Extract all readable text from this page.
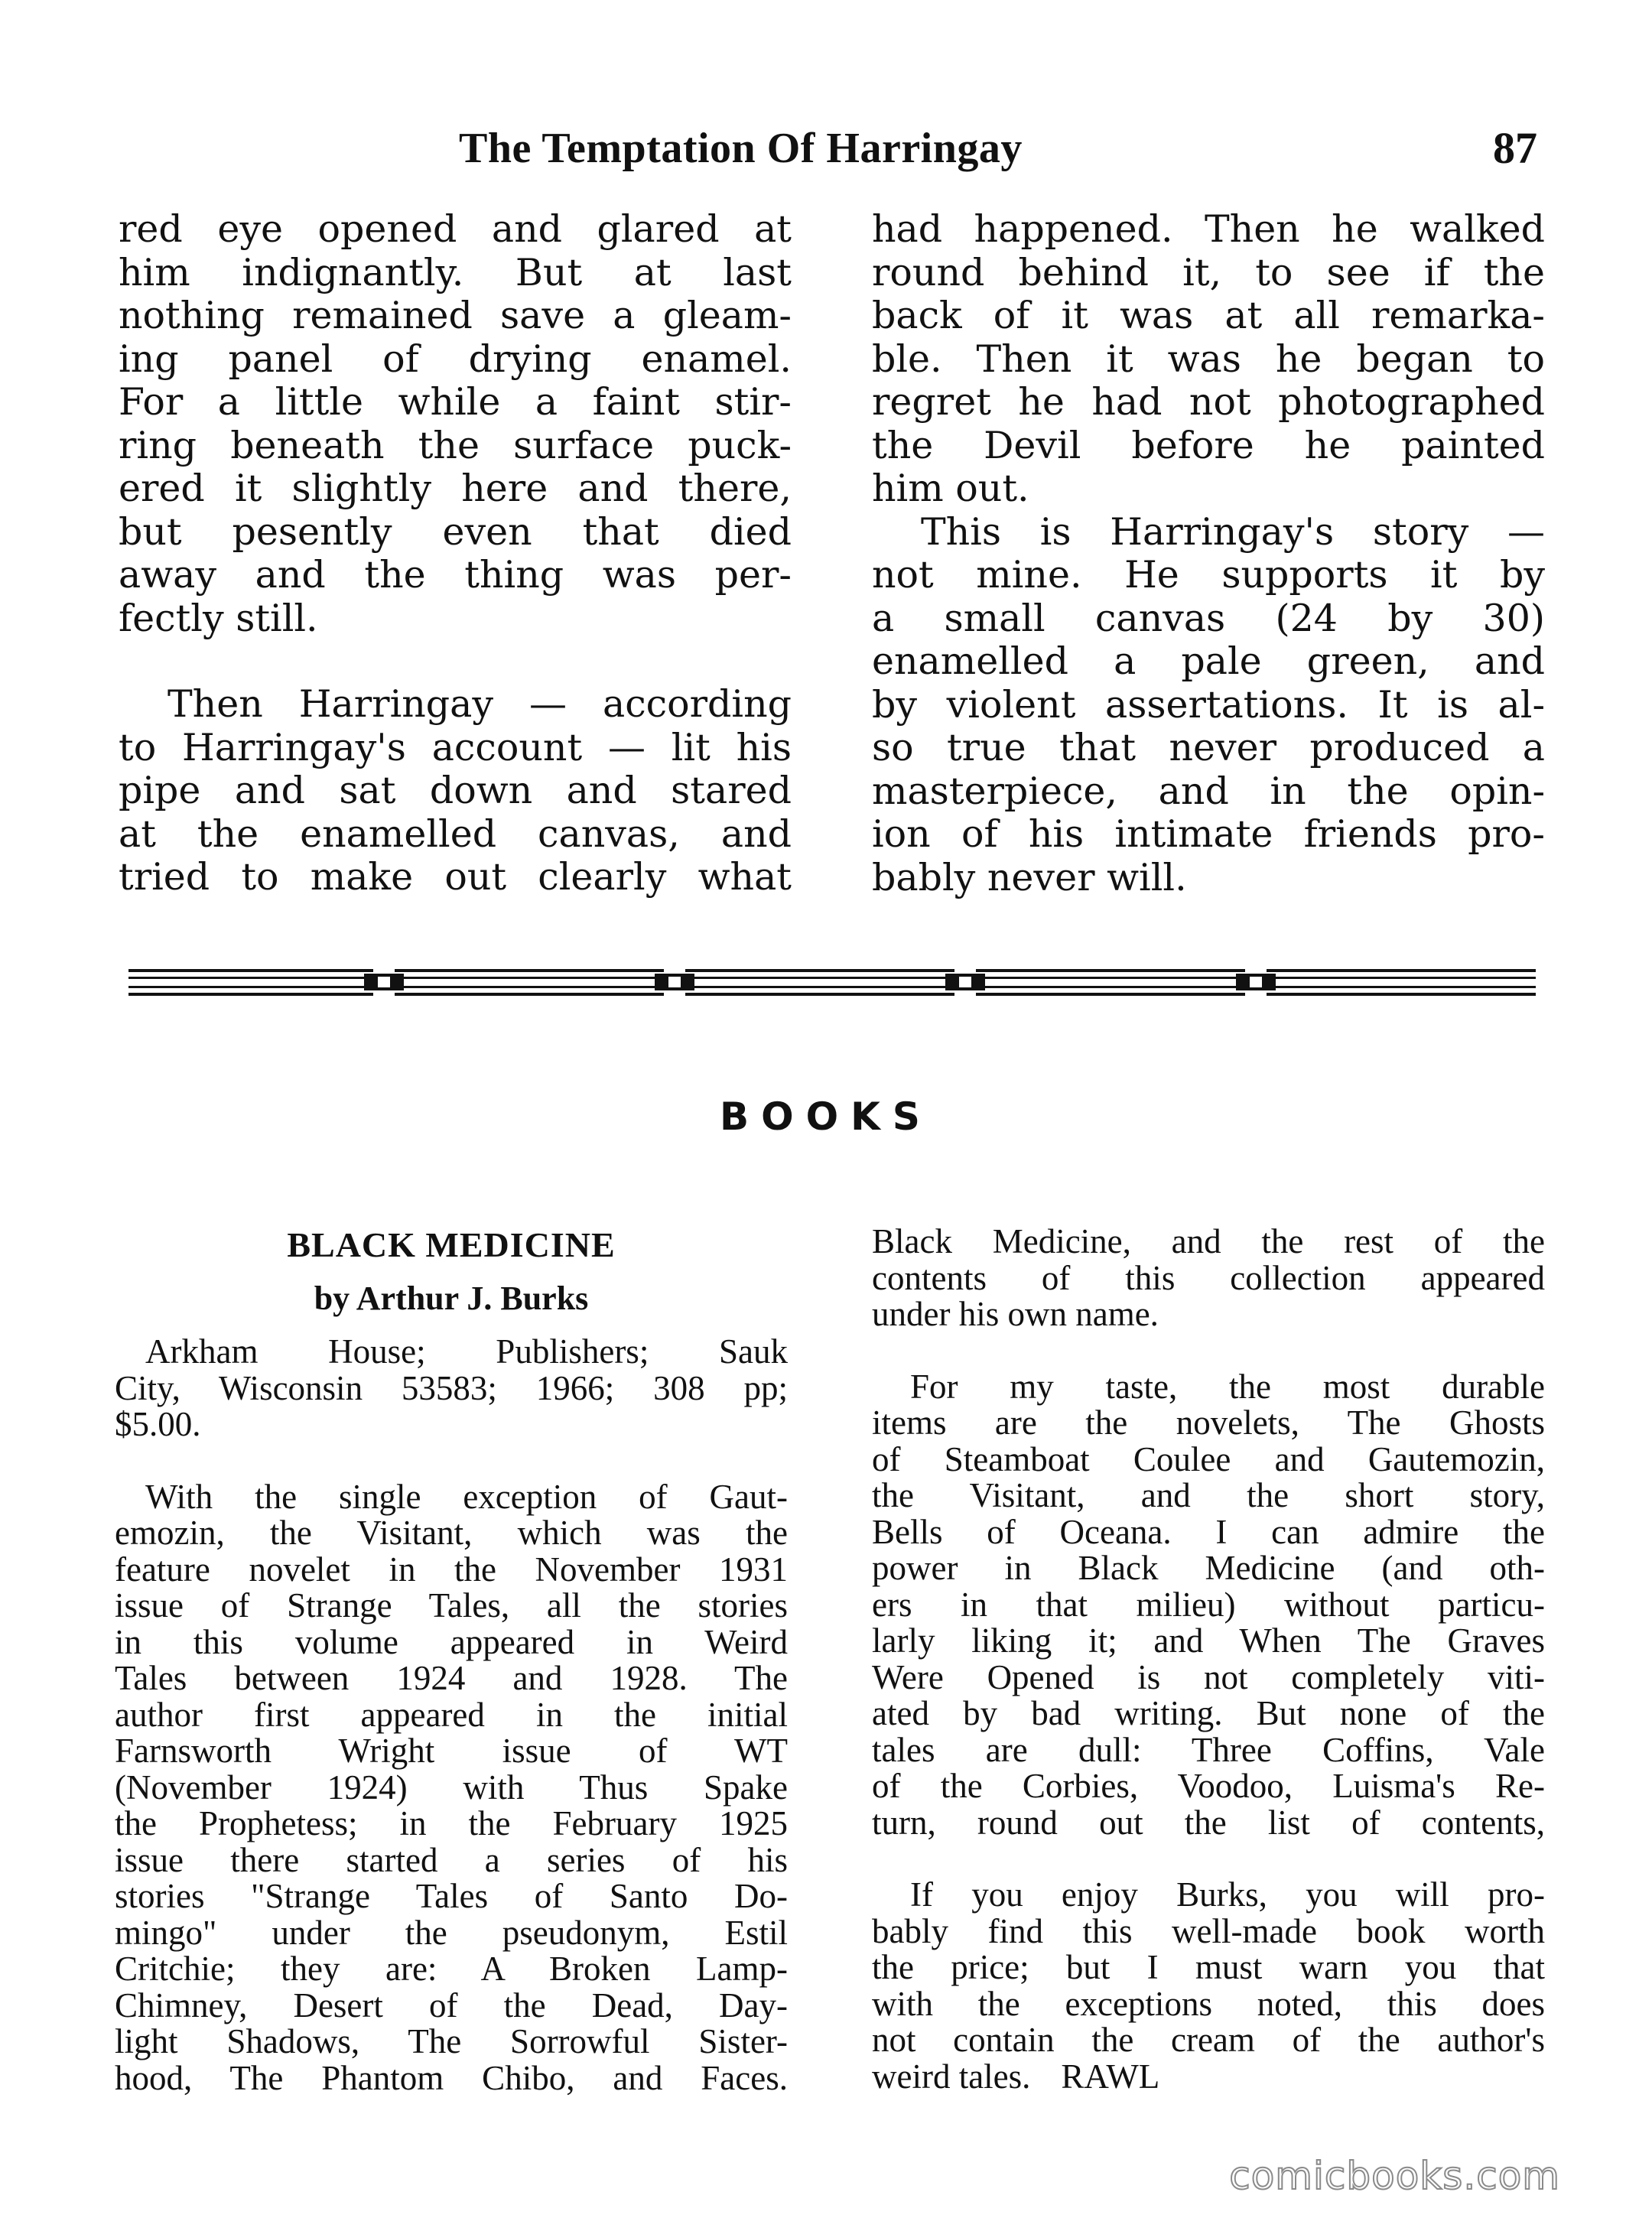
The Temptation Of Harringay	87

red eye opened and glared at
him indignantly. But at last
nothing remained save a gleam-
ing panel of drying enamel.
For a little while a faint stir-
ring beneath the surface puck-
ered it slightly here and there,
but pesently even that died
away and the thing was per-
fectly still.

Then Harringay — according
to Harringay's account — lit his
pipe and sat down and stared
at the enamelled canvas, and
tried to make out clearly what

had happened. Then he walked
round behind it, to see if the
back of it was at all remarka-
ble. Then it was he began to
regret he had not photographed
the Devil before he painted
him out.

This is Harringay's story —
not mine. He supports it by
a small canvas (24 by 30)
enamelled a pale green, and
by violent assertations. It is al-
so true that never produced a
masterpiece, and in the opin-
ion of his intimate friends pro-
bably never will.

BOOKS
BLACK MEDICINE
by Arthur J. Burks
Arkham House; Publishers; Sauk
City, Wisconsin 53583; 1966; 308 pp;
$5.00.
With the single exception of Gaut-
emozin, the Visitant, which was the
feature novelet in the November 1931
issue of Strange Tales, all the stories
in this volume appeared in Weird
Tales between 1924 and 1928. The
author first appeared in the initial
Farnsworth Wright issue of WT
(November 1924) with Thus Spake
the Prophetess; in the February 1925
issue there started a series of his
stories "Strange Tales of Santo Do-
mingo" under the pseudonym, Estil
Critchie; they are: A Broken Lamp-
Chimney, Desert of the Dead, Day-
light Shadows, The Sorrowful Sister-
hood, The Phantom Chibo, and Faces.
Black Medicine, and the rest of the
contents of this collection appeared
under his own name.
For my taste, the most durable
items are the novelets, The Ghosts
of Steamboat Coulee and Gautemozin,
the Visitant, and the short story,
Bells of Oceana. I can admire the
power in Black Medicine (and oth-
ers in that milieu) without particu-
larly liking it; and When The Graves
Were Opened is not completely viti-
ated by bad writing. But none of the
tales are dull: Three Coffins, Vale
of the Corbies, Voodoo, Luisma's Re-
turn, round out the list of contents,
If you enjoy Burks, you will pro-
bably find this well-made book worth
the price; but I must warn you that
with the exceptions noted, this does
not contain the cream of the author's
weird tales. RAWL
comicbooks.com
